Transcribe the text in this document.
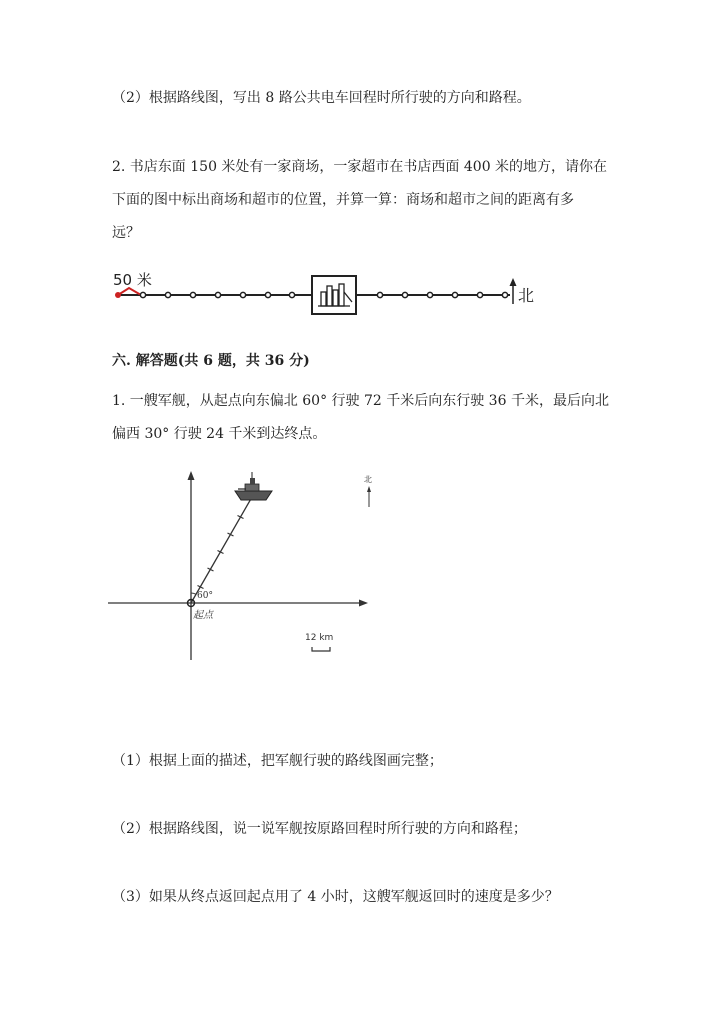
（2）根据路线图，写出 8 路公共电车回程时所行驶的方向和路程。
2. 书店东面 150 米处有一家商场，一家超市在书店西面 400 米的地方，请你在
下面的图中标出商场和超市的位置，并算一算：商场和超市之间的距离有多
远？
50 米
北
六. 解答题(共 6 题，共 36 分)
1. 一艘军舰，从起点向东偏北 60° 行驶 72 千米后向东行驶 36 千米，最后向北
偏西 30° 行驶 24 千米到达终点。
60°
起点
北
12 km
（1）根据上面的描述，把军舰行驶的路线图画完整；
（2）根据路线图，说一说军舰按原路回程时所行驶的方向和路程；
（3）如果从终点返回起点用了 4 小时，这艘军舰返回时的速度是多少？
